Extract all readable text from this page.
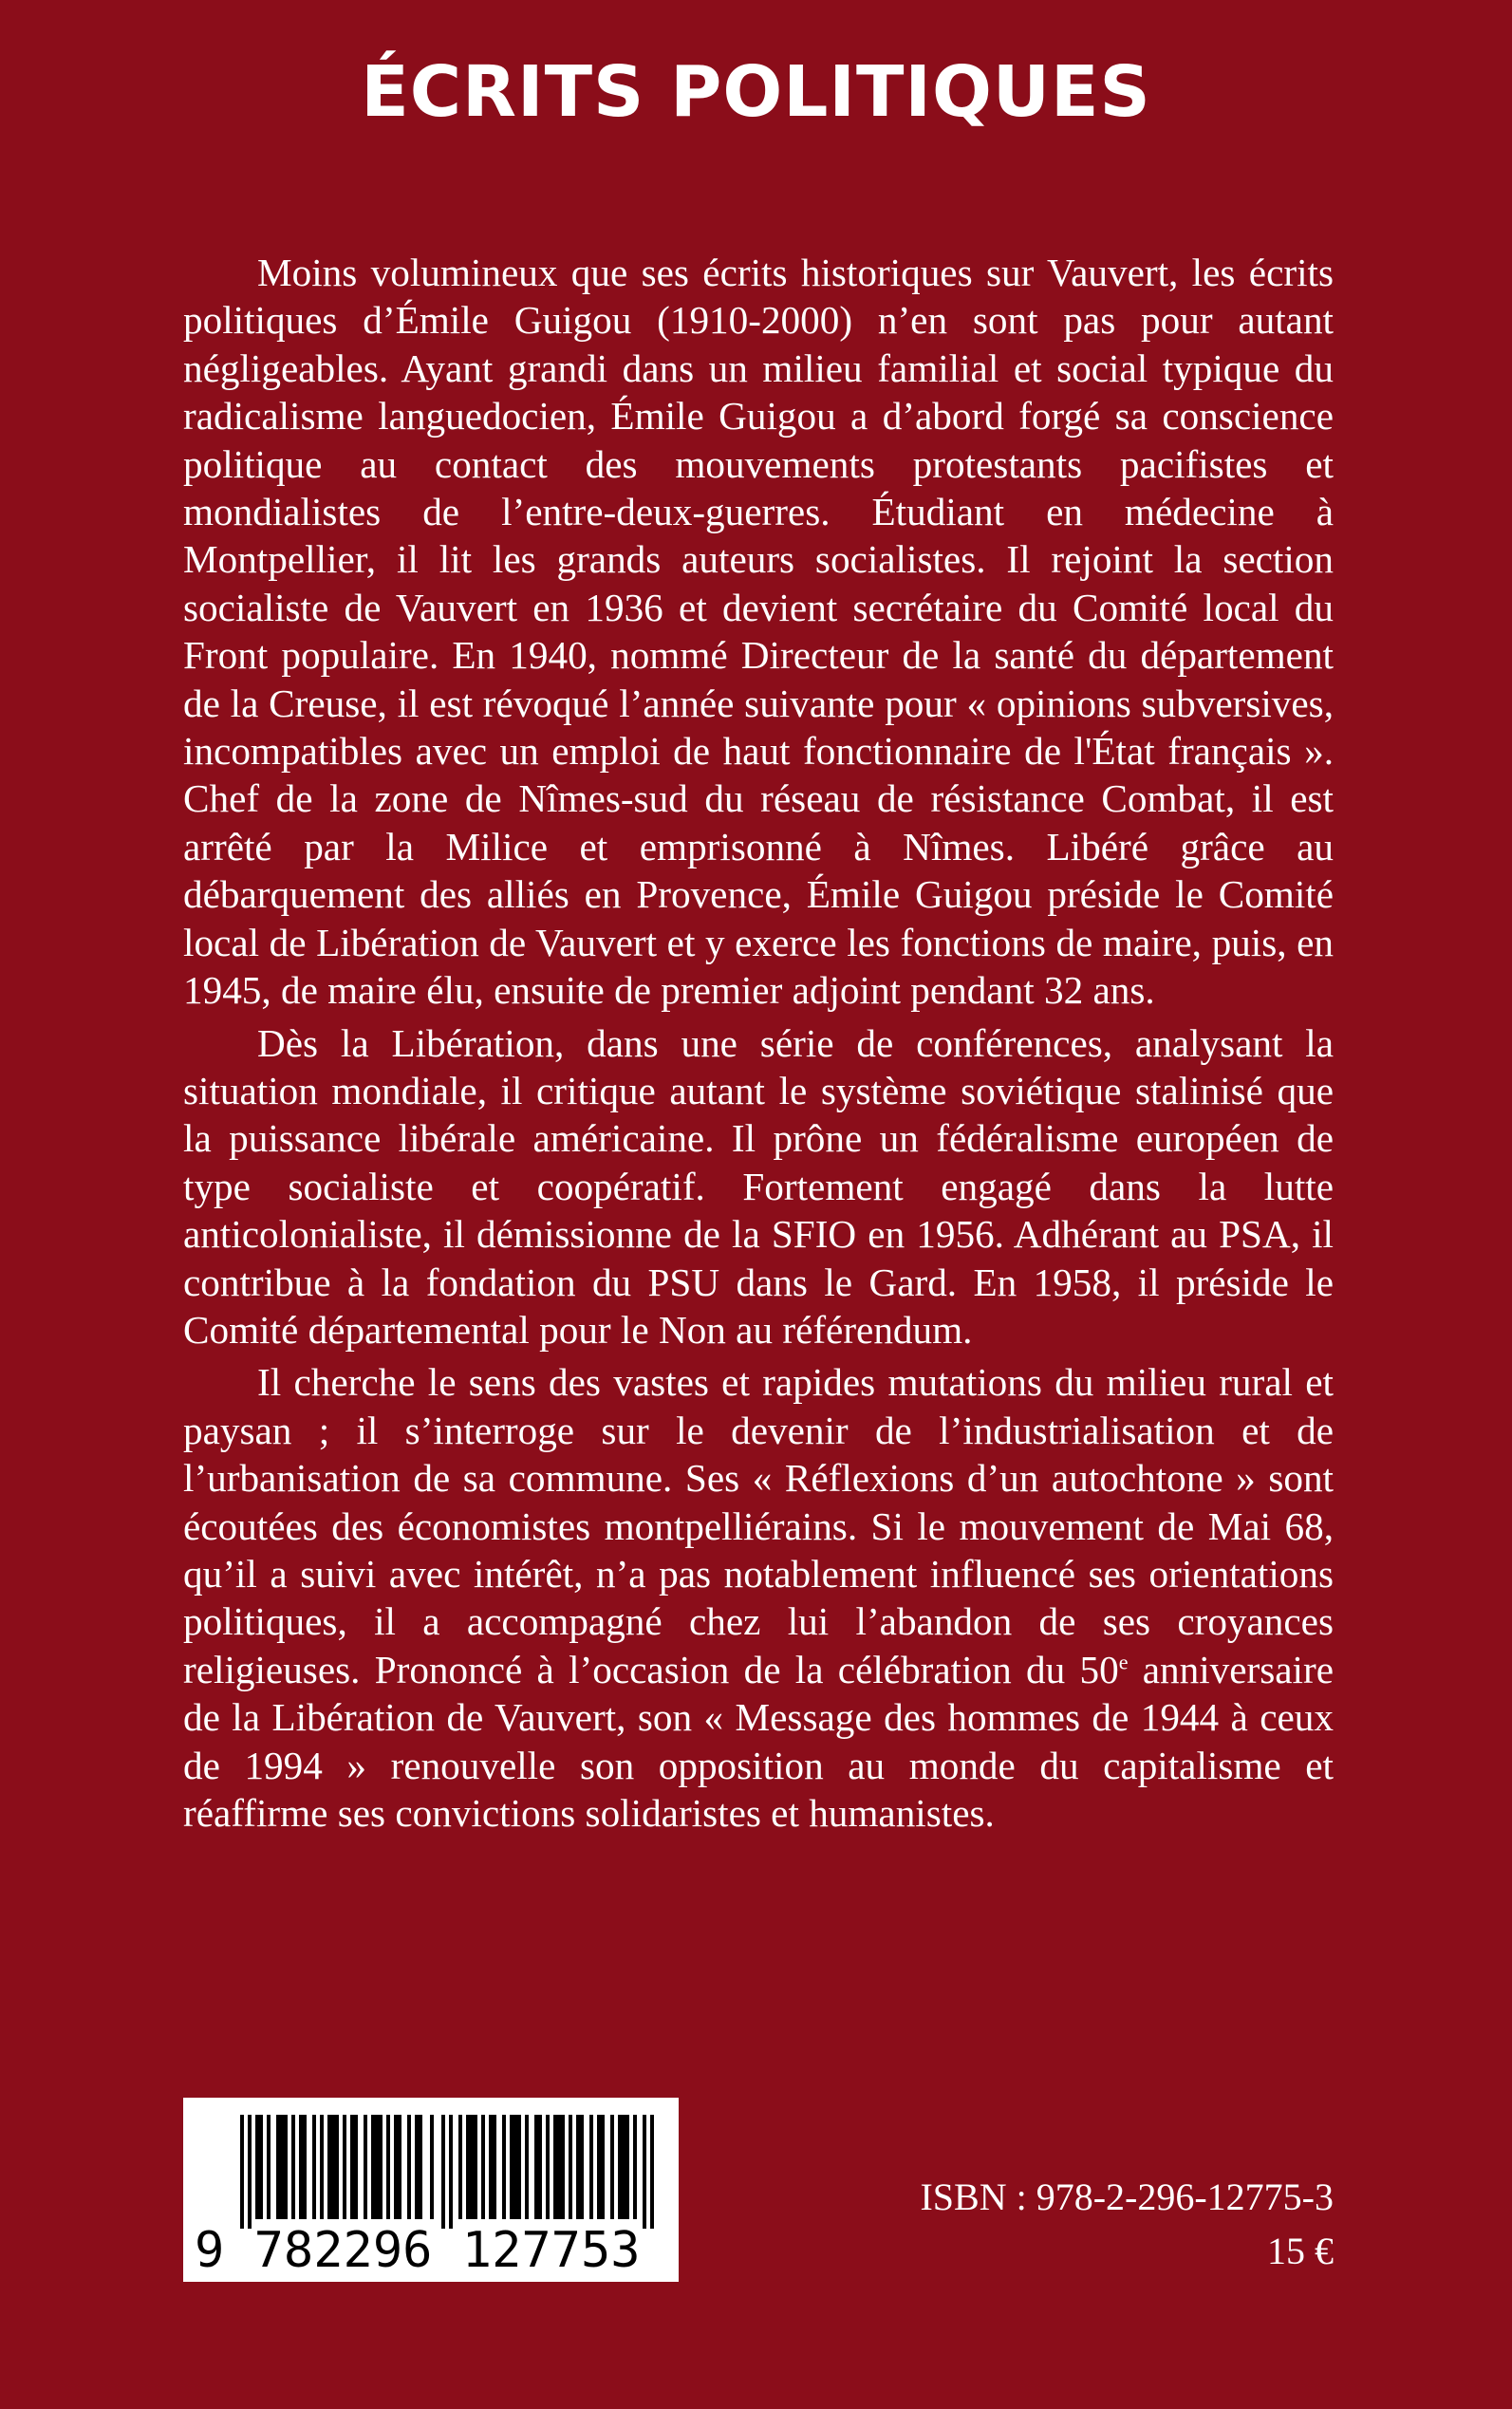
ÉCRITS POLITIQUES

Moins volumineux que ses écrits historiques sur Vauvert, les écrits politiques d’Émile Guigou (1910-2000) n’en sont pas pour autant négligeables. Ayant grandi dans un milieu familial et social typique du radicalisme languedocien, Émile Guigou a d’abord forgé sa conscience politique au contact des mouvements protestants pacifistes et mondialistes de l’entre-deux-guerres. Étudiant en médecine à Montpellier, il lit les grands auteurs socialistes. Il rejoint la section socialiste de Vauvert en 1936 et devient secrétaire du Comité local du Front populaire. En 1940, nommé Directeur de la santé du département de la Creuse, il est révoqué l’année suivante pour « opinions subversives, incompatibles avec un emploi de haut fonctionnaire de l'État français ». Chef de la zone de Nîmes-sud du réseau de résistance Combat, il est arrêté par la Milice et emprisonné à Nîmes. Libéré grâce au débarquement des alliés en Provence, Émile Guigou préside le Comité local de Libération de Vauvert et y exerce les fonctions de maire, puis, en 1945, de maire élu, ensuite de premier adjoint pendant 32 ans.

Dès la Libération, dans une série de conférences, analysant la situation mondiale, il critique autant le système soviétique stalinisé que la puissance libérale américaine. Il prône un fédéralisme européen de type socialiste et coopératif. Fortement engagé dans la lutte anticolonialiste, il démissionne de la SFIO en 1956. Adhérant au PSA, il contribue à la fondation du PSU dans le Gard. En 1958, il préside le Comité départemental pour le Non au référendum.

Il cherche le sens des vastes et rapides mutations du milieu rural et paysan ; il s’interroge sur le devenir de l’industrialisation et de l’urbanisation de sa commune. Ses « Réflexions d’un autochtone » sont écoutées des économistes montpelliérains. Si le mouvement de Mai 68, qu’il a suivi avec intérêt, n’a pas notablement influencé ses orientations politiques, il a accompagné chez lui l’abandon de ses croyances religieuses. Prononcé à l’occasion de la célébration du 50e anniversaire de la Libération de Vauvert, son « Message des hommes de 1944 à ceux de 1994 » renouvelle son opposition au monde du capitalisme et réaffirme ses convictions solidaristes et humanistes.

9 782296 127753
ISBN : 978-2-296-12775-3
15 €
